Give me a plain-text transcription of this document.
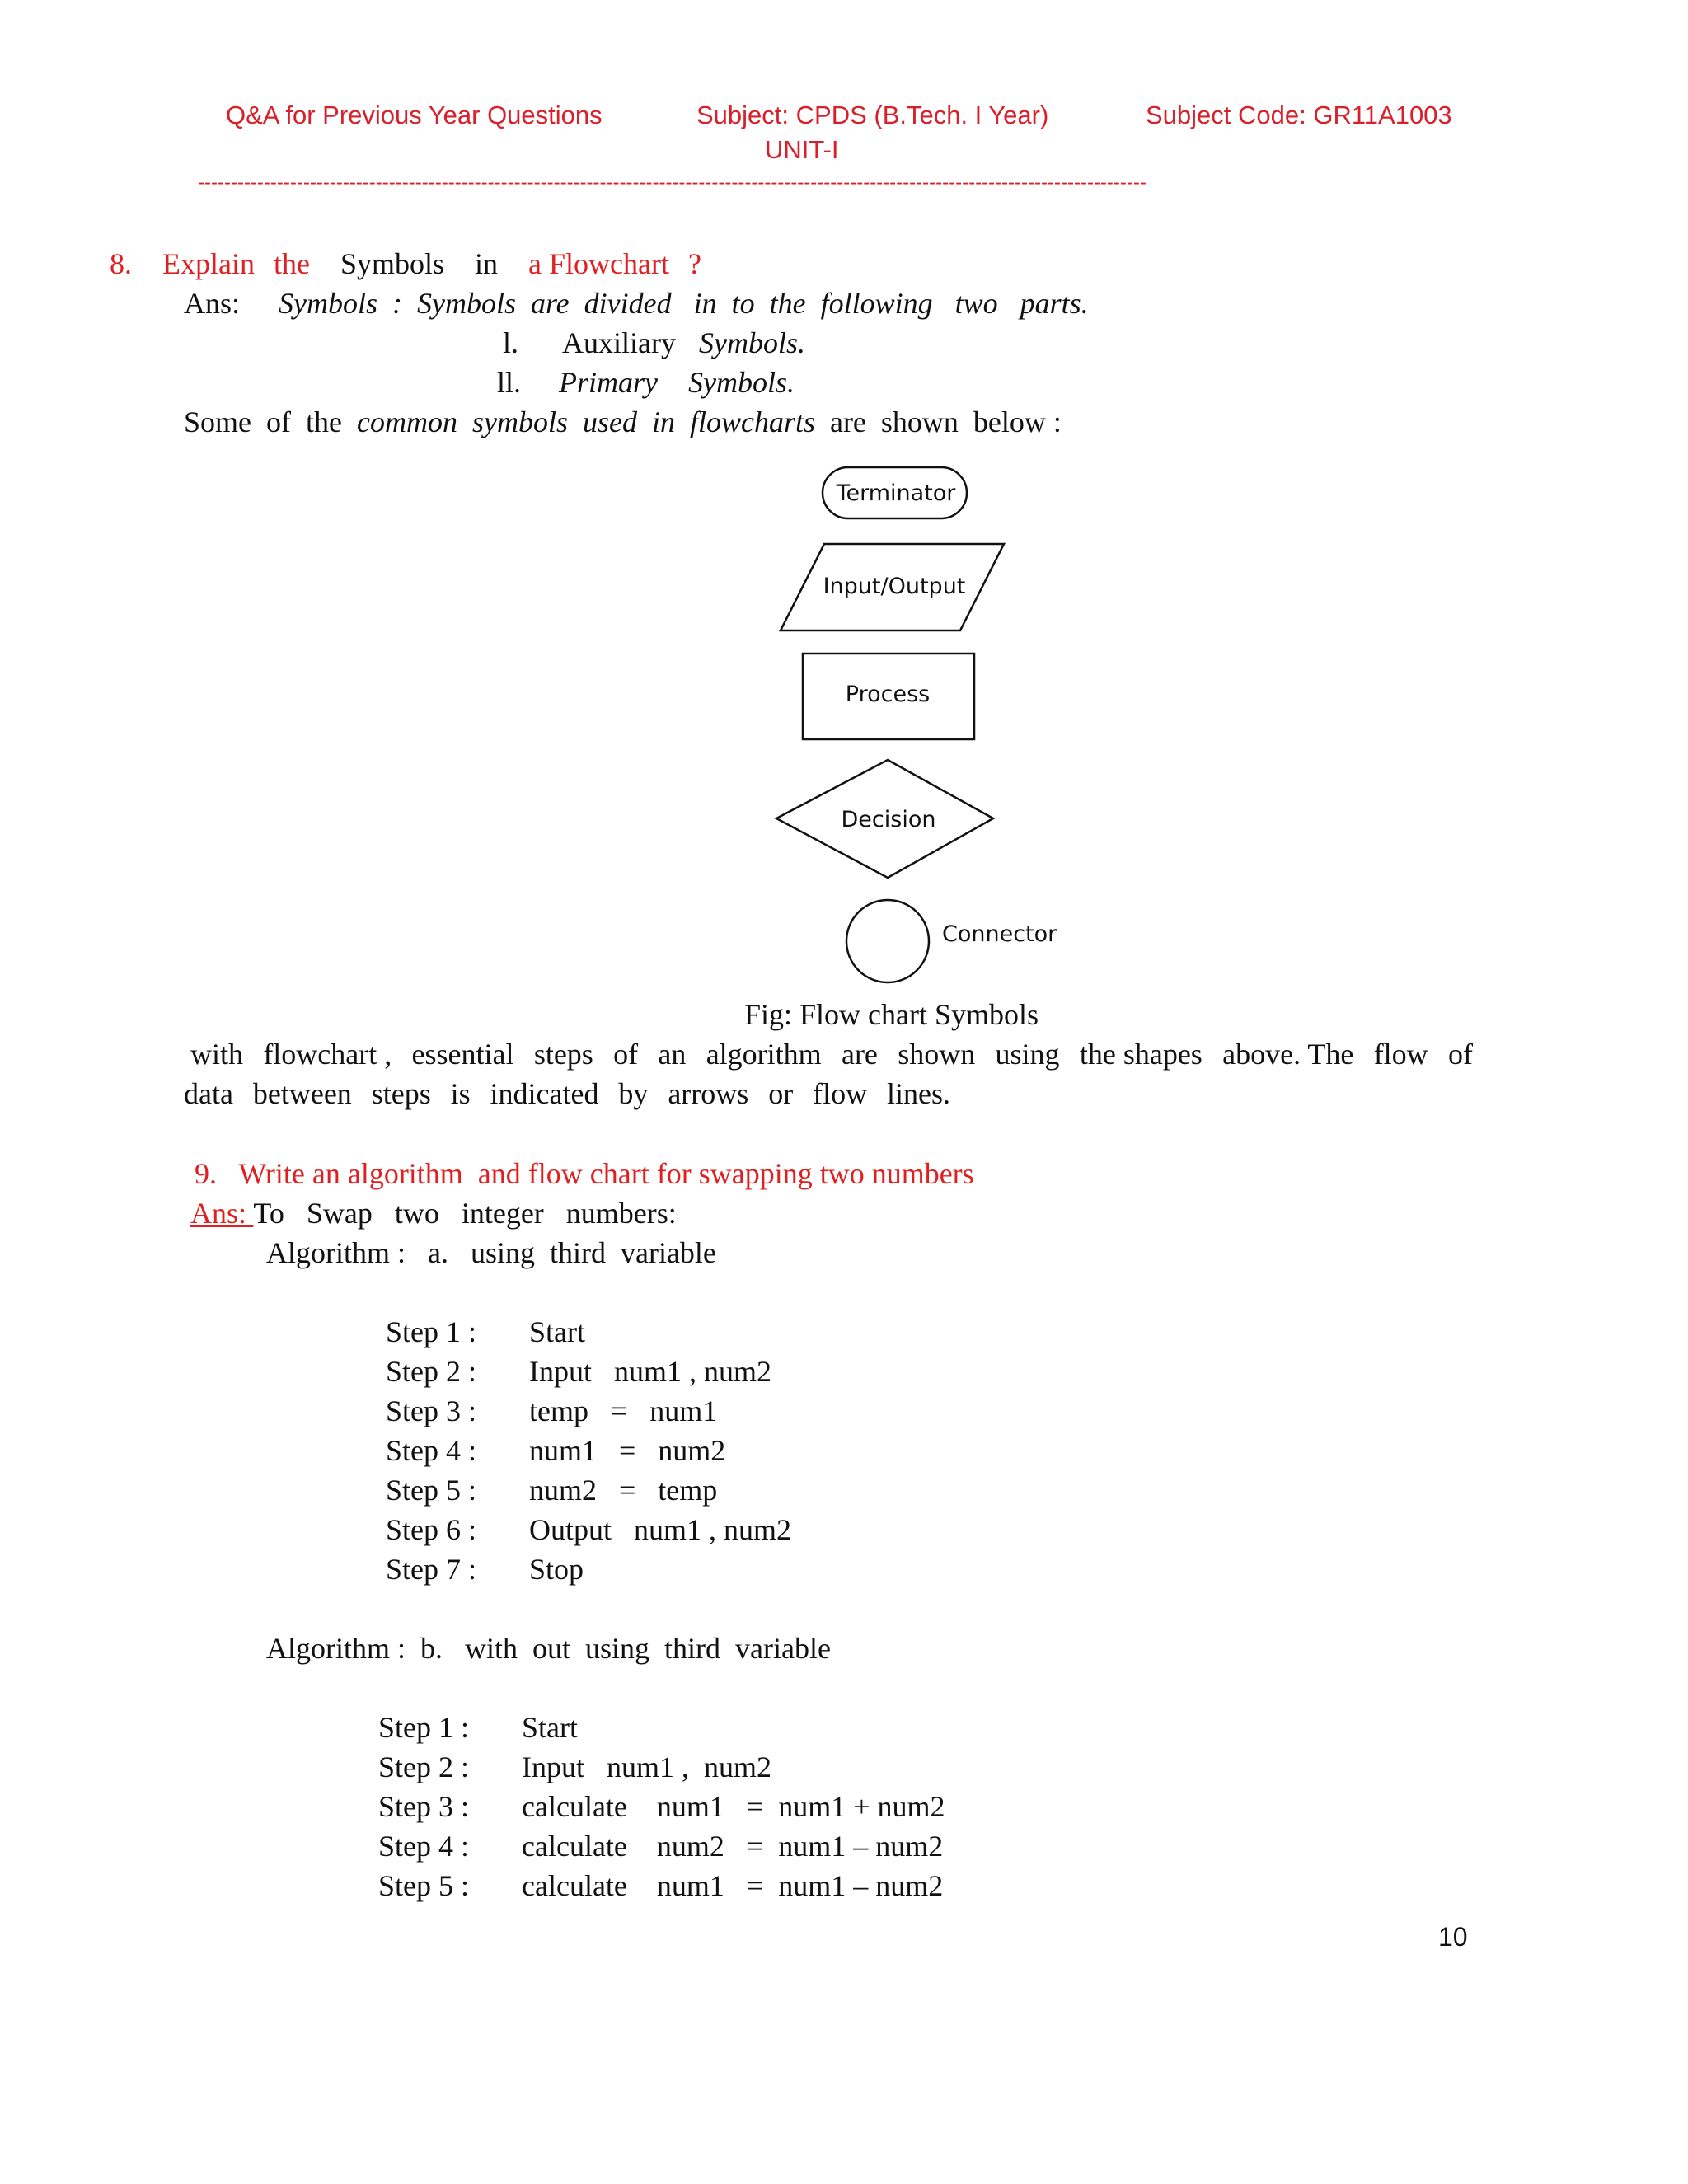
Q&A for Previous Year Questions	Subject: CPDS (B.Tech. I Year)	Subject Code: GR11A1003
UNIT-I
------------------------------------------------------------------------------------------------------------------------------------------------
8. Explain the Symbols in a Flowchart ?
Ans: Symbols  :  Symbols  are  divided   in  to  the  following   two   parts.
l. Auxiliary Symbols.
ll. Primary Symbols.
Some  of  the common  symbols  used  in  flowcharts are  shown  below :
Terminator
Input/Output
Process
Decision
Connector
Fig: Flow chart Symbols
with flowchart , essential steps of an algorithm are shown using the shapes above. The flow of
data between steps is indicated by arrows or flow lines.
9.   Write an algorithm  and flow chart for swapping two numbers
Ans: To   Swap   two   integer   numbers:
Algorithm :   a.   using  third  variable
Step 1 : Start
Step 2 : Input   num1 , num2
Step 3 : temp   =   num1
Step 4 : num1   =   num2
Step 5 : num2   =   temp
Step 6 : Output   num1 , num2
Step 7 : Stop
Algorithm :  b.   with  out  using  third  variable
Step 1 : Start
Step 2 : Input   num1 ,  num2
Step 3 : calculate    num1   =  num1 + num2
Step 4 : calculate    num2   =  num1 – num2
Step 5 : calculate    num1   =  num1 – num2
10
